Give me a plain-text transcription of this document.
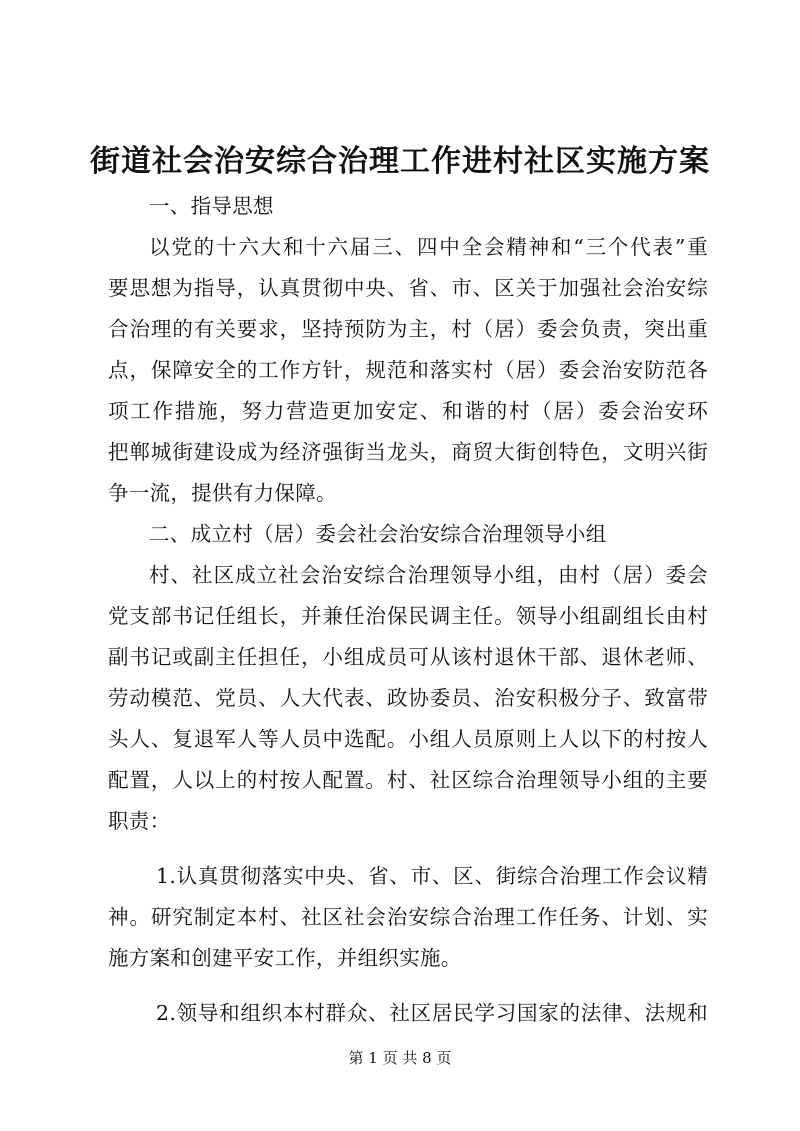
街道社会治安综合治理工作进村社区实施方案
一、指导思想
以党的十六大和十六届三、四中全会精神和“三个代表”重
要思想为指导，认真贯彻中央、省、市、区关于加强社会治安综
合治理的有关要求，坚持预防为主，村（居）委会负责，突出重
点，保障安全的工作方针，规范和落实村（居）委会治安防范各
项工作措施，努力营造更加安定、和谐的村（居）委会治安环
把郸城街建设成为经济强街当龙头，商贸大街创特色，文明兴街
争一流，提供有力保障。
二、成立村（居）委会社会治安综合治理领导小组
村、社区成立社会治安综合治理领导小组，由村（居）委会
党支部书记任组长，并兼任治保民调主任。领导小组副组长由村
副书记或副主任担任，小组成员可从该村退休干部、退休老师、
劳动模范、党员、人大代表、政协委员、治安积极分子、致富带
头人、复退军人等人员中选配。小组人员原则上人以下的村按人
配置，人以上的村按人配置。村、社区综合治理领导小组的主要
职责：
1.认真贯彻落实中央、省、市、区、街综合治理工作会议精
神。研究制定本村、社区社会治安综合治理工作任务、计划、实
施方案和创建平安工作，并组织实施。
2.领导和组织本村群众、社区居民学习国家的法律、法规和
第 1 页 共 8 页
